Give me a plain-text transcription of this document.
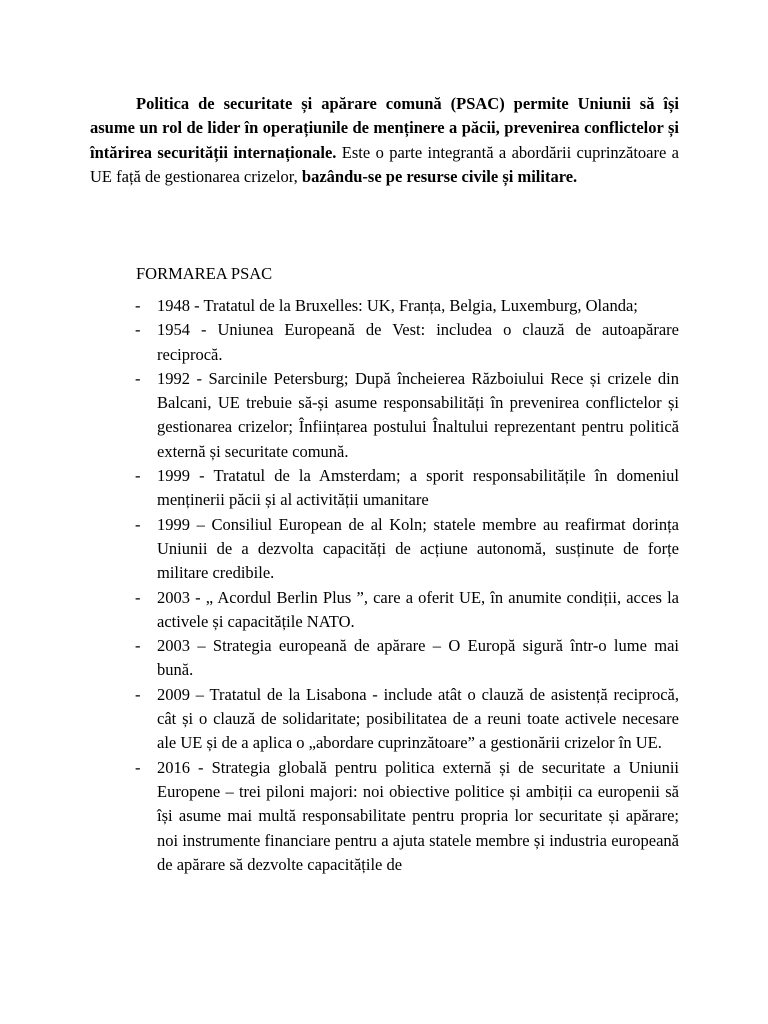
Politica de securitate și apărare comună (PSAC) permite Uniunii să își asume un rol de lider în operațiunile de menținere a păcii, prevenirea conflictelor și întărirea securității internaționale. Este o parte integrantă a abordării cuprinzătoare a UE față de gestionarea crizelor, bazându-se pe resurse civile și militare.

FORMAREA PSAC
- 1948 - Tratatul de la Bruxelles: UK, Franța, Belgia, Luxemburg, Olanda;
- 1954 - Uniunea Europeană de Vest: includea o clauză de autoapărare reciprocă.
- 1992 - Sarcinile Petersburg; După încheierea Războiului Rece și crizele din Balcani, UE trebuie să-și asume responsabilități în prevenirea conflictelor și gestionarea crizelor; Înființarea postului Înaltului reprezentant pentru politică externă și securitate comună.
- 1999 - Tratatul de la Amsterdam; a sporit responsabilitățile în domeniul menținerii păcii și al activității umanitare
- 1999 – Consiliul European de al Koln; statele membre au reafirmat dorința Uniunii de a dezvolta capacități de acțiune autonomă, susținute de forțe militare credibile.
- 2003 - „ Acordul Berlin Plus ”, care a oferit UE, în anumite condiții, acces la activele și capacitățile NATO.
- 2003 – Strategia europeană de apărare – O Europă sigură într-o lume mai bună.
- 2009 – Tratatul de la Lisabona - include atât o clauză de asistență reciprocă, cât și o clauză de solidaritate; posibilitatea de a reuni toate activele necesare ale UE și de a aplica o „abordare cuprinzătoare” a gestionării crizelor în UE.
- 2016 - Strategia globală pentru politica externă și de securitate a Uniunii Europene – trei piloni majori: noi obiective politice și ambiții ca europenii să își asume mai multă responsabilitate pentru propria lor securitate și apărare; noi instrumente financiare pentru a ajuta statele membre și industria europeană de apărare să dezvolte capacitățile de
